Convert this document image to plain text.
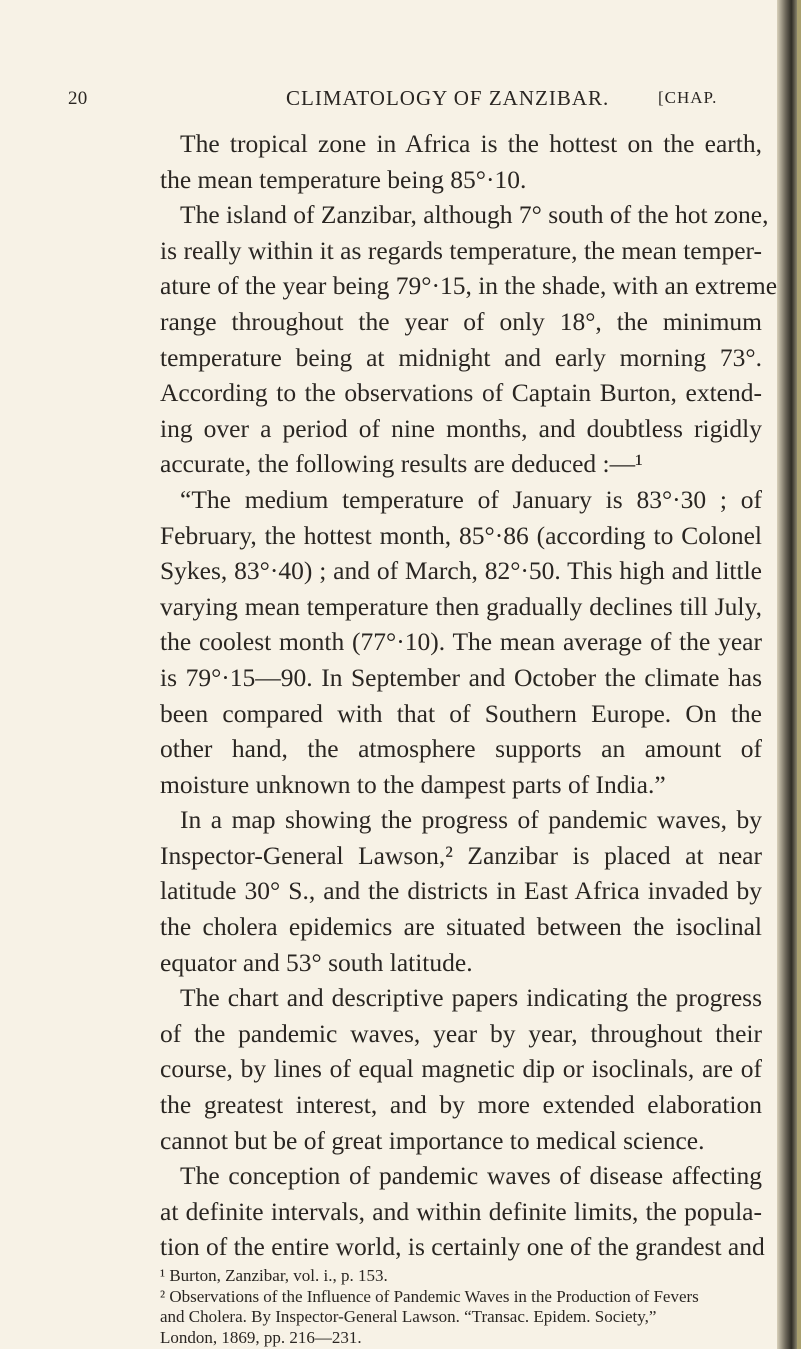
20	CLIMATOLOGY OF ZANZIBAR.	[CHAP.
The tropical zone in Africa is the hottest on the earth,
the mean temperature being 85°·10.
The island of Zanzibar, although 7° south of the hot zone,
is really within it as regards temperature, the mean temper-
ature of the year being 79°·15, in the shade, with an extreme
range throughout the year of only 18°, the minimum
temperature being at midnight and early morning 73°.
According to the observations of Captain Burton, extend-
ing over a period of nine months, and doubtless rigidly
accurate, the following results are deduced :—¹
“The medium temperature of January is 83°·30 ; of
February, the hottest month, 85°·86 (according to Colonel
Sykes, 83°·40) ; and of March, 82°·50. This high and little
varying mean temperature then gradually declines till July,
the coolest month (77°·10). The mean average of the year
is 79°·15—90. In September and October the climate has
been compared with that of Southern Europe. On the
other hand, the atmosphere supports an amount of
moisture unknown to the dampest parts of India.”
In a map showing the progress of pandemic waves, by
Inspector-General Lawson,² Zanzibar is placed at near
latitude 30° S., and the districts in East Africa invaded by
the cholera epidemics are situated between the isoclinal
equator and 53° south latitude.
The chart and descriptive papers indicating the progress
of the pandemic waves, year by year, throughout their
course, by lines of equal magnetic dip or isoclinals, are of
the greatest interest, and by more extended elaboration
cannot but be of great importance to medical science.
The conception of pandemic waves of disease affecting
at definite intervals, and within definite limits, the popula-
tion of the entire world, is certainly one of the grandest and
¹ Burton, Zanzibar, vol. i., p. 153.
² Observations of the Influence of Pandemic Waves in the Production of Fevers
and Cholera. By Inspector-General Lawson. “Transac. Epidem. Society,”
London, 1869, pp. 216—231.
